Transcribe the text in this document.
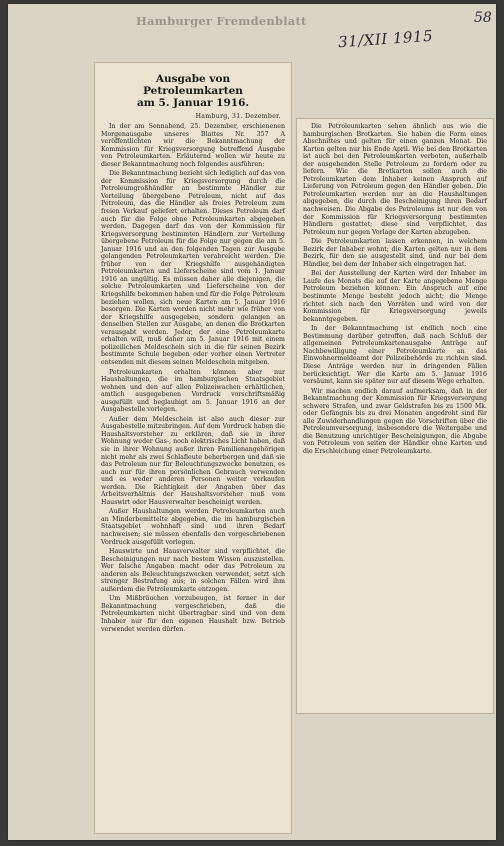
Hamburger Fremdenblatt
31/XII 1915
58
Ausgabe von Petroleumkarten
am 5. Januar 1916.
Hamburg, 31. Dezember.

In der am Sonnabend, 25. Dezember, erschienenen Morgenausgabe unseres Blattes Nr. 357 A veröffentlichten wir die Bekanntmachung der Kommission für Kriegsversorgung betreffend Ausgabe von Petroleumkarten. Erläuternd wollen wir heute zu dieser Bekanntmachung noch folgendes ausführen:

Die Bekanntmachung bezieht sich lediglich auf das von der Kommission für Kriegsversorgung durch die Petroleumgroßhändler an bestimmte Händler zur Verteilung übergebene Petroleum, nicht auf das Petroleum, das die Händler als freies Petroleum zum freien Verkauf geliefert erhalten. Dieses Petroleum darf auch für die Folge ohne Petroleumkarten abgegeben werden. Dagegen darf das von der Kommission für Kriegsversorgung bestimmten Händlern zur Verteilung übergebene Petroleum für die Folge nur gegen die am 5. Januar 1916 und an den folgenden Tagen zur Ausgabe gelangenden Petroleumkarten verabreicht werden. Die früher von der Kriegshilfe ausgehändigten Petroleumkarten und Lieferscheine sind vom 1. Januar 1916 an ungültig. Es müssen daher alle diejenigen, die solche Petroleumkarten und Lieferscheine von der Kriegshilfe bekommen haben und für die Folge Petroleum beziehen wollen, sich neue Karten am 5. Januar 1916 besorgen. Die Karten werden nicht mehr wie früher von der Kriegshilfe ausgegeben, sondern gelangen an denselben Stellen zur Ausgabe, an denen die Brotkarten verausgabt werden. Jeder, der eine Petroleumkarte erhalten will, muß daher am 5. Januar 1916 mit einem polizeilichen Meldeschein sich in die für seinen Bezirk bestimmte Schule begeben oder vorher einen Vertreter entsenden mit diesem seinen Meldeschein mitgeben.

Petroleumkarten erhalten können aber nur Haushaltungen, die im hamburgischen Staatsgebiet wohnen und den auf allen Polizeiwachen erhältlichen, amtlich ausgegebenen Vordruck vorschriftsmäßig ausgefüllt und beglaubigt am 5. Januar 1916 an der Ausgabestelle vorlegen.

Außer dem Meldeschein ist also auch dieser zur Ausgabestelle mitzubringen. Auf dem Vordruck haben die Haushaltsvorsteher zu erklären, daß sie in ihrer Wohnung weder Gas-, noch elektrisches Licht haben, daß sie in ihrer Wohnung außer ihren Familienangehörigen nicht mehr als zwei Schlafleute beherbergen und daß sie das Petroleum nur für Beleuchtungszwecke benutzen, es auch nur für ihren persönlichen Gebrauch verwenden und es weder anderen Personen weiter verkaufen werden. Die Richtigkeit der Angaben über das Arbeitsverhältnis der Haushaltsvorsteher muß vom Hauswirt oder Hausverwalter bescheinigt werden.

Außer Haushaltungen werden Petroleumkarten auch an Minderbemittelte abgegeben, die im hamburgischen Staatsgebiet wohnhaft sind und ihren Bedarf nachweisen; sie müssen ebenfalls den vorgeschriebenen Vordruck ausgefüllt vorlegen.

Hauswirte und Hausverwalter sind verpflichtet, die Bescheinigungen nur nach bestem Wissen auszustellen. Wer falsche Angaben macht oder das Petroleum zu anderen als Beleuchtungszwecken verwendet, setzt sich strenger Bestrafung aus; in solchen Fällen wird ihm außerdem die Petroleumkarte entzogen.

Um Mißbräuchen vorzubeugen, ist ferner in der Bekanntmachung vorgeschrieben, daß die Petroleumkarten nicht übertragbar sind und von dem Inhaber nur für den eigenen Haushalt bzw. Betrieb verwendet werden dürfen.

Die Petroleumkarten sehen ähnlich aus wie die hamburgischen Brotkarten. Sie haben die Form eines Abschnittes und gelten für einen ganzen Monat. Die Karten gelten nur bis Ende April. Wie bei den Brotkarten ist auch bei den Petroleumkarten verboten, außerhalb der ausgebenden Stelle Petroleum zu fordern oder zu liefern. Wie die Brotkarten sollen auch die Petroleumkarten dem Inhaber keinen Anspruch auf Lieferung von Petroleum gegen den Händler geben. Die Petroleumkarten werden nur an die Haushaltungen abgegeben, die durch die Bescheinigung ihren Bedarf nachweisen. Die Abgabe des Petroleums ist nur den von der Kommission für Kriegsversorgung bestimmten Händlern gestattet; diese sind verpflichtet, das Petroleum nur gegen Vorlage der Karten abzugeben.

Die Petroleumkarten lassen erkennen, in welchem Bezirk der Inhaber wohnt; die Karten gelten nur in dem Bezirk, für den sie ausgestellt sind, und nur bei dem Händler, bei dem der Inhaber sich eingetragen hat.

Bei der Ausstellung der Karten wird der Inhaber im Laufe des Monats die auf der Karte angegebene Menge Petroleum beziehen können. Ein Anspruch auf eine bestimmte Menge besteht jedoch nicht; die Menge richtet sich nach den Vorräten und wird von der Kommission für Kriegsversorgung jeweils bekanntgegeben.

In der Bekanntmachung ist endlich noch eine Bestimmung darüber getroffen, daß nach Schluß der allgemeinen Petroleumkartenausgabe Anträge auf Nachbewilligung einer Petroleumkarte an das Einwohnermeldeamt der Polizeibehörde zu richten sind. Diese Anträge werden nur in dringenden Fällen berücksichtigt. Wer die Karte am 5. Januar 1916 versäumt, kann sie später nur auf diesem Wege erhalten.

Wir machen endlich darauf aufmerksam, daß in der Bekanntmachung der Kommission für Kriegsversorgung schwere Strafen, und zwar Geldstrafen bis zu 1500 Mk. oder Gefängnis bis zu drei Monaten angedroht sind für alle Zuwiderhandlungen gegen die Vorschriften über die Petroleumversorgung, insbesondere die Weitergabe und die Benutzung unrichtiger Bescheinigungen, die Abgabe von Petroleum von seiten der Händler ohne Karten und die Erschleichung einer Petroleumkarte.
